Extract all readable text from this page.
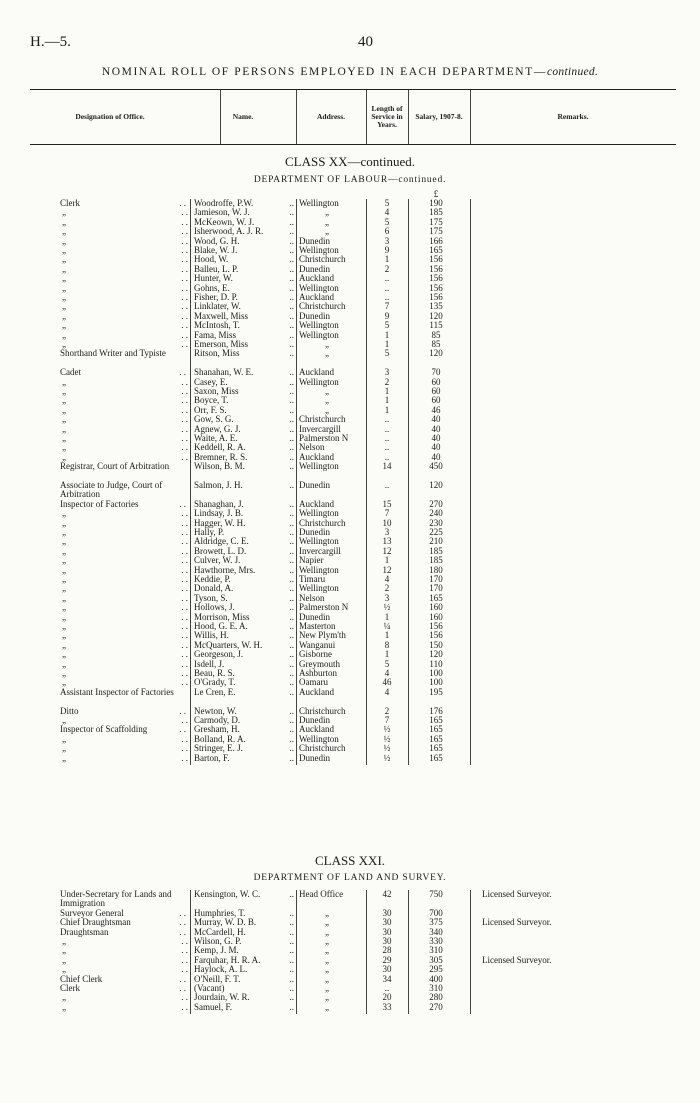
H.—5.	40
NOMINAL ROLL OF PERSONS EMPLOYED IN EACH DEPARTMENT—continued.
Designation of Office.	Name.	Address.
Length of Service in Years.
Salary, 1907-8.	Remarks.
CLASS XX—continued.
DEPARTMENT OF LABOUR—continued.
£
Clerk	. . Woodroffe, P.W.	.. Wellington	5	190
„	. . Jamieson, W. J.	..	„	4	185
„	. . McKeown, W. J.	..	„	5	175
„	. . Isherwood, A. J. R.	..	„	6	175
„	. . Wood, G. H.	.. Dunedin	3	166
„	. . Blake, W. J.	.. Wellington	9	165
„	. . Hood, W.	.. Christchurch	1	156
„	. . Balleu, L. P.	.. Dunedin	2	156
„	. . Hunter, W.	.. Auckland	..	156
„	. . Gohns, E.	.. Wellington	..	156
„	. . Fisher, D. P.	.. Auckland	..	156
„	. . Linklater, W.	.. Christchurch	7	135
„	. . Maxwell, Miss	.. Dunedin	9	120
„	. . McIntosh, T.	.. Wellington	5	115
„	. . Fama, Miss	.. Wellington	1	85
„	. . Emerson, Miss	..	„	1	85
Shorthand Writer and Typiste	Ritson, Miss	..	„	5	120
Cadet	. . Shanahan, W. E.	.. Auckland	3	70
„	. . Casey, E.	.. Wellington	2	60
„	. . Saxon, Miss	..	„	1	60
„	. . Boyce, T.	..	„	1	60
„	. . Orr, F. S.	..	„	1	46
„	. . Gow, S. G.	.. Christchurch	..	40
„	. . Agnew, G. J.	.. Invercargill	..	40
„	. . Waite, A. E.	.. Palmerston N	..	40
„	. . Keddell, R. A.	.. Nelson	..	40
„	. . Bremner, R. S.	.. Auckland	..	40
Registrar, Court of Arbitration	Wilson, B. M.	.. Wellington	14	450
Associate to Judge, Court of Arbitration
Salmon, J. H.	.. Dunedin	..	120
Inspector of Factories	. . Shanaghan, J.	.. Auckland	15	270
„	. . Lindsay, J. B.	.. Wellington	7	240
„	. . Hagger, W. H.	.. Christchurch	10	230
„	. . Hally, P.	.. Dunedin	3	225
„	. . Aldridge, C. E.	.. Wellington	13	210
„	. . Browett, L. D.	.. Invercargill	12	185
„	. . Culver, W. J.	.. Napier	1	185
„	. . Hawthorne, Mrs.	.. Wellington	12	180
„	. . Keddie, P.	.. Timaru	4	170
„	. . Donald, A.	.. Wellington	2	170
„	. . Tyson, S.	.. Nelson	3	165
„	. . Hollows, J.	.. Palmerston N	½	160
„	. . Morrison, Miss	.. Dunedin	1	160
„	. . Hood, G. E. A.	.. Masterton	¼	156
„	. . Willis, H.	.. New Plym'th	1	156
„	. . McQuarters, W. H.	.. Wanganui	8	150
„	. . Georgeson, J.	.. Gisborne	1	120
„	. . Isdell, J.	.. Greymouth	5	110
„	. . Beau, R. S.	.. Ashburton	4	100
„	. . O'Grady, T.	.. Oamaru	46	100
Assistant Inspector of Factories	Le Cren, E.	.. Auckland	4	195
Ditto	. . Newton, W.	.. Christchurch	2	176
„	. . Carmody, D.	.. Dunedin	7	165
Inspector of Scaffolding	. . Gresham, H.	.. Auckland	½	165
„	. . Bolland, R. A.	.. Wellington	½	165
„	. . Stringer, E. J.	.. Christchurch	½	165
„	. . Barton, F.	.. Dunedin	½	165
CLASS XXI.
DEPARTMENT OF LAND AND SURVEY.
Under-Secretary for Lands and Immigration
Kensington, W. C.	.. Head Office	42	750	Licensed Surveyor.
Surveyor General	. . Humphries, T.	..	„	30	700
Chief Draughtsman	. . Murray, W. D. B.	..	„	30	375	Licensed Surveyor.
Draughtsman	. . McCardell, H.	..	„	30	340
„	. . Wilson, G. P.	..	„	30	330
„	. . Kemp, J. M.	..	„	28	310
„	. . Farquhar, H. R. A.	..	„	29	305	Licensed Surveyor.
„	. . Haylock, A. L.	..	„	30	295
Chief Clerk	. . O'Neill, F. T.	..	„	34	400
Clerk	. . (Vacant)	..	„	..	310
„	. . Jourdain, W. R.	..	„	20	280
„	. . Samuel, F.	..	„	33	270
